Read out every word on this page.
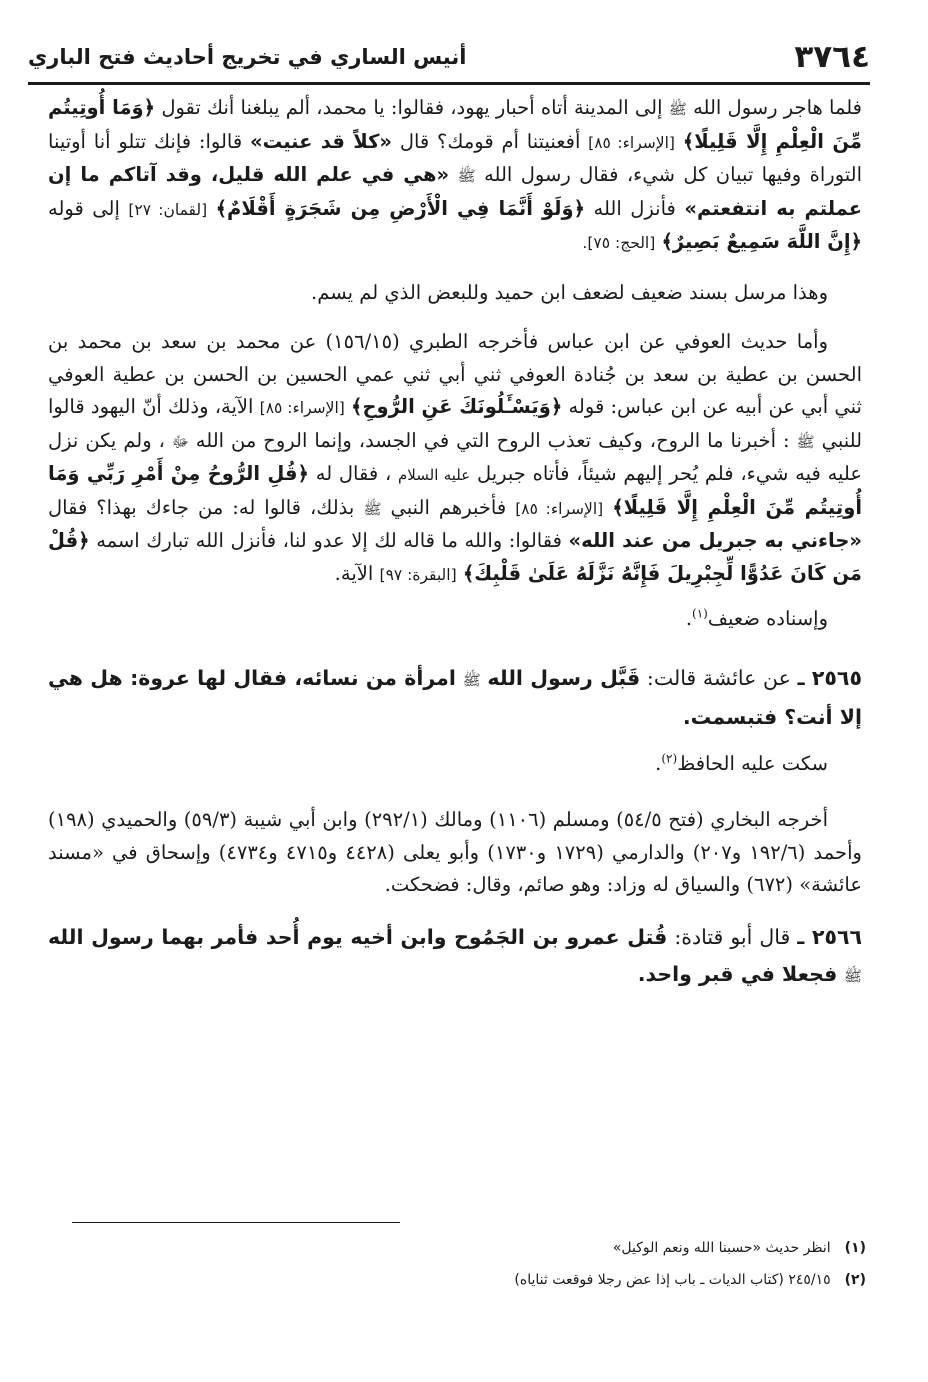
٣٧٦٤
أنيس الساري في تخريج أحاديث فتح الباري

فلما هاجر رسول الله ﷺ إلى المدينة أتاه أحبار يهود، فقالوا: يا محمد، ألم يبلغنا أنك تقول ﴿وَمَا أُوتِيتُم مِّنَ الْعِلْمِ إِلَّا قَلِيلًا﴾ [الإسراء: ٨٥] أفعنيتنا أم قومك؟ قال «كلاً قد عنيت» قالوا: فإنك تتلو أنا أوتينا التوراة وفيها تبيان كل شيء، فقال رسول الله ﷺ «هي في علم الله قليل، وقد آتاكم ما إن عملتم به انتفعتم» فأنزل الله ﴿وَلَوْ أَنَّمَا فِي الْأَرْضِ مِن شَجَرَةٍ أَقْلَامٌ﴾ [لقمان: ٢٧] إلى قوله ﴿إِنَّ اللَّهَ سَمِيعٌ بَصِيرٌ﴾ [الحج: ٧٥].

وهذا مرسل بسند ضعيف لضعف ابن حميد وللبعض الذي لم يسم.

وأما حديث العوفي عن ابن عباس فأخرجه الطبري (١٥٦/١٥) عن محمد بن سعد بن محمد بن الحسن بن عطية بن سعد بن جُنادة العوفي ثني أبي ثني عمي الحسين بن الحسن بن عطية العوفي ثني أبي عن أبيه عن ابن عباس: قوله ﴿وَيَسْـَٔلُونَكَ عَنِ الرُّوحِ﴾ [الإسراء: ٨٥] الآية، وذلك أنّ اليهود قالوا للنبي ﷺ : أخبرنا ما الروح، وكيف تعذب الروح التي في الجسد، وإنما الروح من الله ﷻ ، ولم يكن نزل عليه فيه شيء، فلم يُحر إليهم شيئاً، فأتاه جبريل عليه السلام ، فقال له ﴿قُلِ الرُّوحُ مِنْ أَمْرِ رَبِّي وَمَا أُوتِيتُم مِّنَ الْعِلْمِ إِلَّا قَلِيلًا﴾ [الإسراء: ٨٥] فأخبرهم النبي ﷺ بذلك، قالوا له: من جاءك بهذا؟ فقال «جاءني به جبريل من عند الله» فقالوا: والله ما قاله لك إلا عدو لنا، فأنزل الله تبارك اسمه ﴿قُلْ مَن كَانَ عَدُوًّا لِّجِبْرِيلَ فَإِنَّهُ نَزَّلَهُ عَلَىٰ قَلْبِكَ﴾ [البقرة: ٩٧] الآية.

وإسناده ضعيف$^{(١)}$.

٢٥٦٥ ـ عن عائشة قالت: قَبَّل رسول الله ﷺ امرأة من نسائه، فقال لها عروة: هل هي إلا أنت؟ فتبسمت.

سكت عليه الحافظ$^{(٢)}$.

أخرجه البخاري (فتح ٥٤/٥) ومسلم (١١٠٦) ومالك (٢٩٢/١) وابن أبي شيبة (٥٩/٣) والحميدي (١٩٨) وأحمد (١٩٢/٦ و٢٠٧) والدارمي (١٧٢٩ و١٧٣٠) وأبو يعلى (٤٤٢٨ و٤٧١٥ و٤٧٣٤) وإسحاق في «مسند عائشة» (٦٧٢) والسياق له وزاد: وهو صائم، وقال: فضحكت.

٢٥٦٦ ـ قال أبو قتادة: قُتل عمرو بن الجَمُوح وابن أخيه يوم أُحد فأمر بهما رسول الله ﷺ فجعلا في قبر واحد.

(١)
انظر حديث «حسبنا الله ونعم الوكيل»
(٢)
٢٤٥/١٥ (كتاب الديات ـ باب إذا عض رجلا فوقعت ثناياه)
